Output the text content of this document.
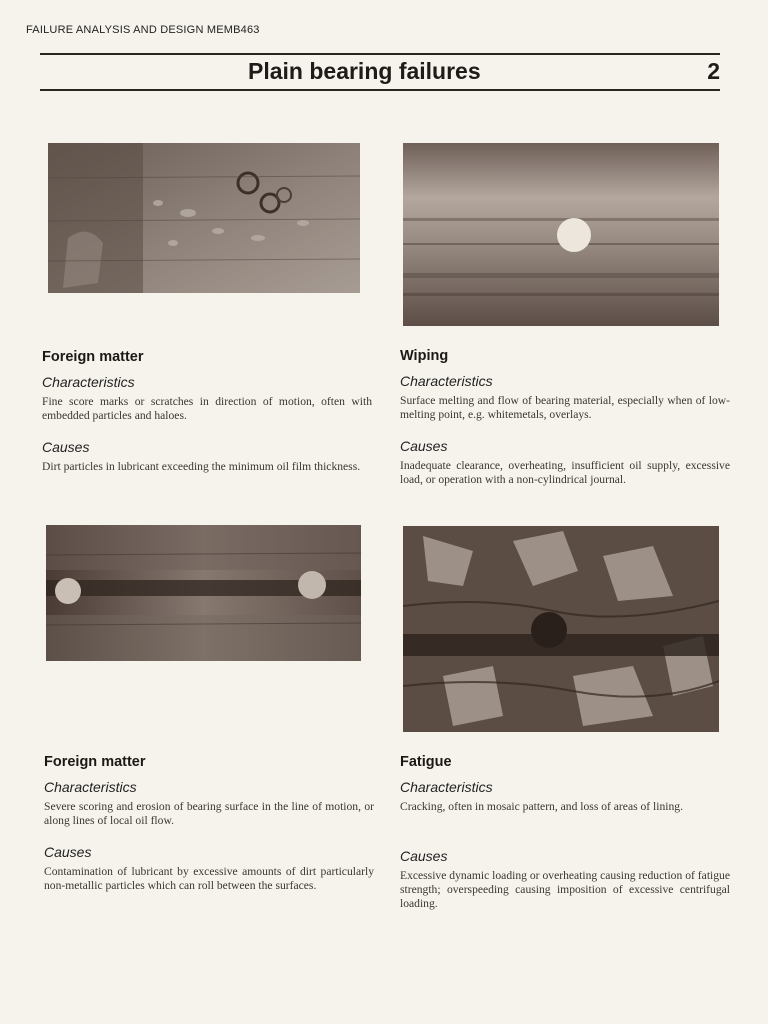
FAILURE ANALYSIS AND DESIGN MEMB463
Plain bearing failures	2
Foreign matter
Characteristics

Fine score marks or scratches in direction of motion, often with embedded particles and haloes.

Causes

Dirt particles in lubricant exceeding the minimum oil film thickness.

Wiping
Characteristics

Surface melting and flow of bearing material, especially when of low-melting point, e.g. whitemetals, overlays.

Causes

Inadequate clearance, overheating, insufficient oil supply, excessive load, or operation with a non-cylindrical journal.

Foreign matter
Characteristics

Severe scoring and erosion of bearing surface in the line of motion, or along lines of local oil flow.

Causes

Contamination of lubricant by excessive amounts of dirt particularly non-metallic particles which can roll between the surfaces.

Fatigue
Characteristics

Cracking, often in mosaic pattern, and loss of areas of lining.

Causes

Excessive dynamic loading or overheating causing reduction of fatigue strength; overspeeding causing imposition of excessive centrifugal loading.
